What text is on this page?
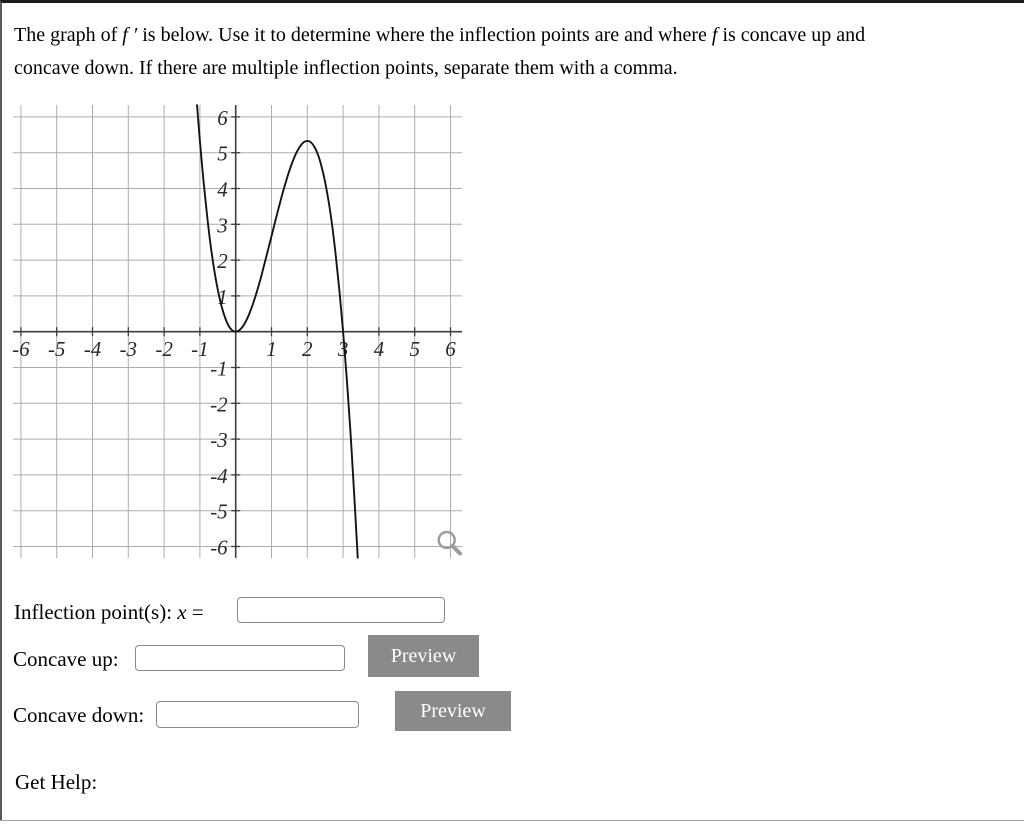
The graph of f ′ is below. Use it to determine where the inflection points are and where f is concave up and
concave down. If there are multiple inflection points, separate them with a comma.
-6 -5 -4 -3 -2 -1	1 2 3 4 5 6
-6
-5
-4
-3
-2
-1
1
2
3
4
5
6
Inflection point(s): x =
Concave up:	Preview
Concave down:	Preview
Get Help:
